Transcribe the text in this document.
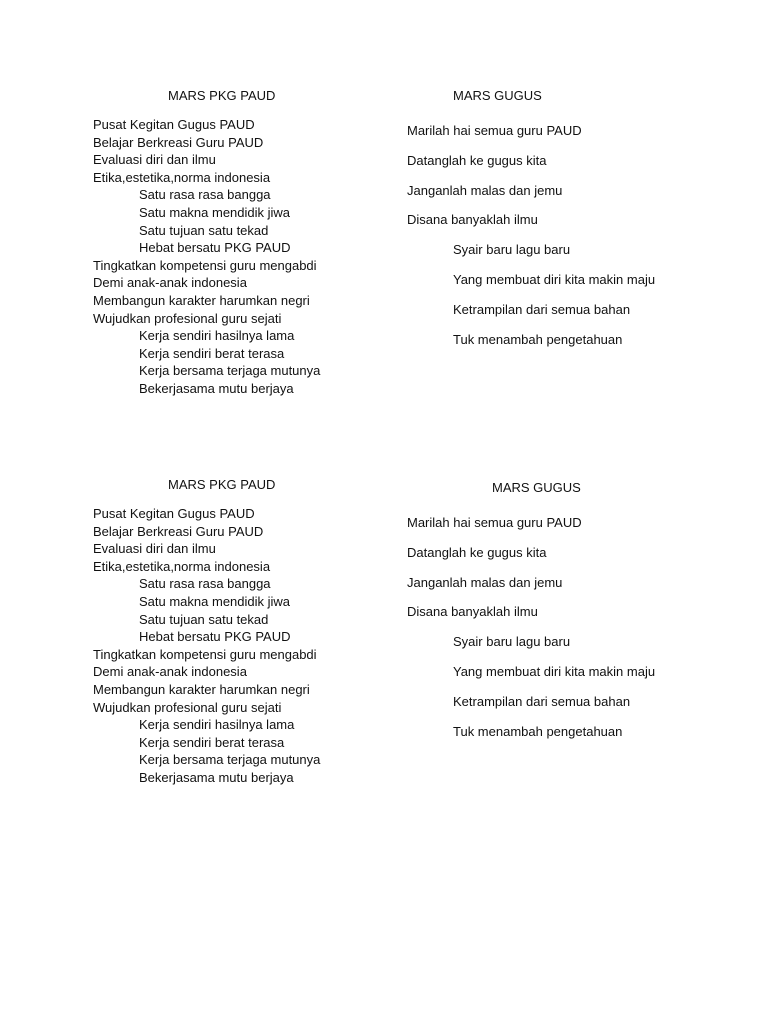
MARS PKG PAUD
Pusat Kegitan Gugus PAUD
Belajar Berkreasi Guru PAUD
Evaluasi diri dan ilmu
Etika,estetika,norma indonesia
Satu rasa rasa bangga
Satu makna mendidik jiwa
Satu tujuan satu tekad
Hebat bersatu PKG PAUD
Tingkatkan kompetensi guru mengabdi
Demi anak-anak indonesia
Membangun karakter harumkan negri
Wujudkan profesional guru sejati
Kerja sendiri hasilnya lama
Kerja sendiri berat terasa
Kerja bersama terjaga mutunya
Bekerjasama mutu berjaya
MARS GUGUS
Marilah hai semua guru PAUD
Datanglah ke gugus kita
Janganlah malas dan jemu
Disana banyaklah ilmu
Syair baru lagu baru
Yang membuat diri kita makin maju
Ketrampilan dari semua bahan
Tuk menambah pengetahuan
MARS PKG PAUD
Pusat Kegitan Gugus PAUD
Belajar Berkreasi Guru PAUD
Evaluasi diri dan ilmu
Etika,estetika,norma indonesia
Satu rasa rasa bangga
Satu makna mendidik jiwa
Satu tujuan satu tekad
Hebat bersatu PKG PAUD
Tingkatkan kompetensi guru mengabdi
Demi anak-anak indonesia
Membangun karakter harumkan negri
Wujudkan profesional guru sejati
Kerja sendiri hasilnya lama
Kerja sendiri berat terasa
Kerja bersama terjaga mutunya
Bekerjasama mutu berjaya
MARS GUGUS
Marilah hai semua guru PAUD
Datanglah ke gugus kita
Janganlah malas dan jemu
Disana banyaklah ilmu
Syair baru lagu baru
Yang membuat diri kita makin maju
Ketrampilan dari semua bahan
Tuk menambah pengetahuan
